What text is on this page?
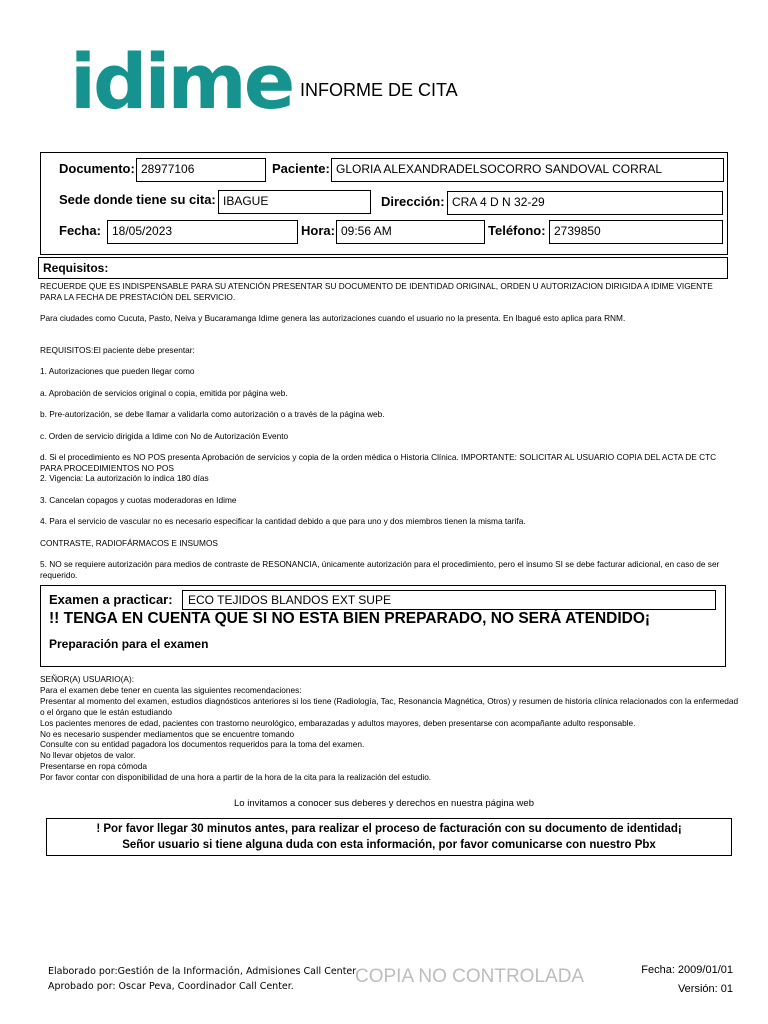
idime INFORME DE CITA
Documento: 28977106	Paciente: GLORIA ALEXANDRADELSOCORRO SANDOVAL CORRAL
Sede donde tiene su cita: IBAGUE	Dirección: CRA 4 D N 32-29
Fecha: 18/05/2023	Hora: 09:56 AM	Teléfono: 2739850
Requisitos:

RECUERDE QUE ES INDISPENSABLE PARA SU ATENCIÓN PRESENTAR SU DOCUMENTO DE IDENTIDAD ORIGINAL, ORDEN U AUTORIZACION DIRIGIDA A IDIME VIGENTE PARA LA FECHA DE PRESTACIÓN DEL SERVICIO.

Para ciudades como Cucuta, Pasto, Neiva y Bucaramanga Idime genera las autorizaciones cuando el usuario no la presenta. En Ibagué esto aplica para RNM.

REQUISITOS:El paciente debe presentar:

1. Autorizaciones que pueden llegar como

a. Aprobación de servicios original o copia, emitida por página web.

b. Pre-autorización, se debe llamar a validarla como autorización o a través de la página web.

c. Orden de servicio dirigida a Idime con No de Autorización Evento

d. Si el procedimiento es NO POS presenta Aprobación de servicios y copia de la orden médica o Historia Clínica. IMPORTANTE: SOLICITAR AL USUARIO COPIA DEL ACTA DE CTC PARA PROCEDIMIENTOS NO POS

2. Vigencia: La autorización lo indica 180 días

3. Cancelan copagos y cuotas moderadoras en Idime

4. Para el servicio de vascular no es necesario especificar la cantidad debido a que para uno y dos miembros tienen la misma tarifa.

CONTRASTE, RADIOFÁRMACOS E INSUMOS

5. NO se requiere autorización para medios de contraste de RESONANCIA, únicamente autorización para el procedimiento, pero el insumo SI se debe facturar adicional, en caso de ser requerido.

Examen a practicar:	ECO TEJIDOS BLANDOS EXT SUPE
!! TENGA EN CUENTA QUE SI NO ESTA BIEN PREPARADO, NO SERÁ ATENDIDO¡
Preparación para el examen

SEÑOR(A) USUARIO(A):

Para el examen debe tener en cuenta las siguientes recomendaciones:

Presentar al momento del examen, estudios diagnósticos anteriores si los tiene (Radiología, Tac, Resonancia Magnética, Otros) y resumen de historia clínica relacionados con la enfermedad o el órgano que le están estudiando

Los pacientes menores de edad, pacientes con trastorno neurológico, embarazadas y adultos mayores, deben presentarse con acompañante adulto responsable.

No es necesario suspender mediamentos que se encuentre tomando

Consulte con su entidad pagadora los documentos requeridos para la toma del examen.

No llevar objetos de valor.

Presentarse en ropa cómoda

Por favor contar con disponibilidad de una hora a partir de la hora de la cita para la realización del estudio.

Lo invitamos a conocer sus deberes y derechos en nuestra página web
! Por favor llegar 30 minutos antes, para realizar el proceso de facturación con su documento de identidad¡
Señor usuario si tiene alguna duda con esta información, por favor comunicarse con nuestro Pbx
Elaborado por:Gestión de la Información, Admisiones Call Center.
Aprobado por: Oscar Peva, Coordinador Call Center.	COPIA NO CONTROLADA	Fecha: 2009/01/01
Versión: 01
